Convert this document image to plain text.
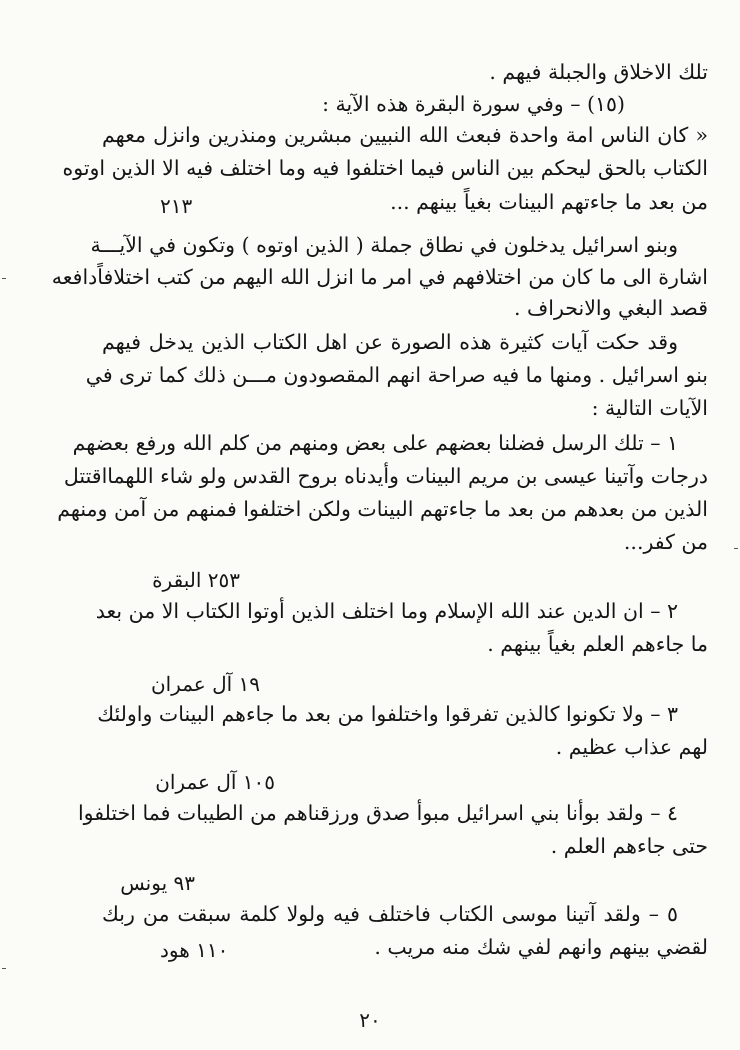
تلك الاخلاق والجبلة فيهم .
(١٥) – وفي سورة البقرة هذه الآية :
« كان الناس امة واحدة فبعث الله النبيين مبشرين ومنذرين وانزل معهم
الكتاب بالحق ليحكم بين الناس فيما اختلفوا فيه وما اختلف فيه الا الذين اوتوه
من بعد ما جاءتهم البينات بغياً بينهم ...
٢١٣
وبنو اسرائيل يدخلون في نطاق جملة ( الذين اوتوه ) وتكون في الآيـــة
اشارة الى ما كان من اختلافهم في امر ما انزل الله اليهم من كتب اختلافاًدافعه
قصد البغي والانحراف .
وقد حكت آيات كثيرة هذه الصورة عن اهل الكتاب الذين يدخل فيهم
بنو اسرائيل . ومنها ما فيه صراحة انهم المقصودون مـــن ذلك كما ترى في
الآيات التالية :
١ – تلك الرسل فضلنا بعضهم على بعض ومنهم من كلم الله ورفع بعضهم
درجات وآتينا عيسى بن مريم البينات وأيدناه بروح القدس ولو شاء اللهمااقتتل
الذين من بعدهم من بعد ما جاءتهم البينات ولكن اختلفوا فمنهم من آمن ومنهم
من كفر...
٢٥٣ البقرة
٢ – ان الدين عند الله الإسلام وما اختلف الذين أوتوا الكتاب الا من بعد
ما جاءهم العلم بغياً بينهم .
١٩ آل عمران
٣ – ولا تكونوا كالذين تفرقوا واختلفوا من بعد ما جاءهم البينات واولئك
لهم عذاب عظيم .
١٠٥ آل عمران
٤ – ولقد بوأنا بني اسرائيل مبوأ صدق ورزقناهم من الطيبات فما اختلفوا
حتى جاءهم العلم .
٩٣ يونس
٥ – ولقد آتينا موسى الكتاب فاختلف فيه ولولا كلمة سبقت من ربك
لقضي بينهم وانهم لفي شك منه مريب .
١١٠ هود
٢٠
